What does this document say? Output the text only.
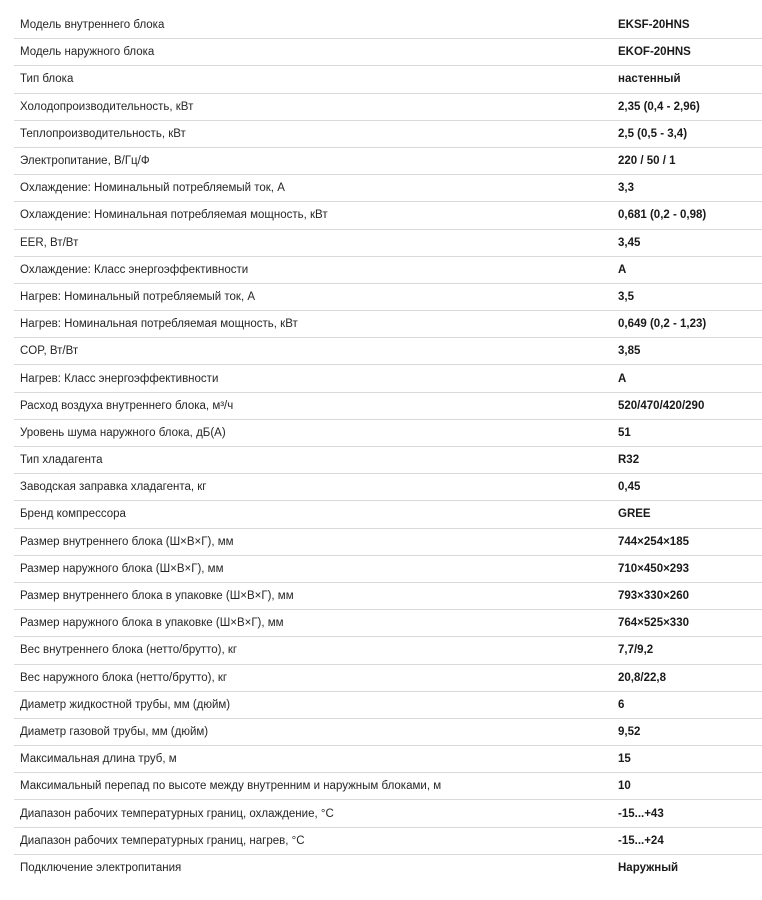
Модель внутреннего блока	EKSF-20HNS
Модель наружного блока	EKOF-20HNS
Тип блока	настенный
Холодопроизводительность, кВт	2,35 (0,4 - 2,96)
Теплопроизводительность, кВт	2,5 (0,5 - 3,4)
Электропитание, В/Гц/Ф	220 / 50 / 1
Охлаждение: Номинальный потребляемый ток, А	3,3
Охлаждение: Номинальная потребляемая мощность, кВт	0,681 (0,2 - 0,98)
EER, Вт/Вт	3,45
Охлаждение: Класс энергоэффективности	A
Нагрев: Номинальный потребляемый ток, А	3,5
Нагрев: Номинальная потребляемая мощность, кВт	0,649 (0,2 - 1,23)
COP, Вт/Вт	3,85
Нагрев: Класс энергоэффективности	A
Расход воздуха внутреннего блока, м³/ч	520/470/420/290
Уровень шума наружного блока, дБ(А)	51
Тип хладагента	R32
Заводская заправка хладагента, кг	0,45
Бренд компрессора	GREE
Размер внутреннего блока (Ш×В×Г), мм	744×254×185
Размер наружного блока (Ш×В×Г), мм	710×450×293
Размер внутреннего блока в упаковке (Ш×В×Г), мм	793×330×260
Размер наружного блока в упаковке (Ш×В×Г), мм	764×525×330
Вес внутреннего блока (нетто/брутто), кг	7,7/9,2
Вес наружного блока (нетто/брутто), кг	20,8/22,8
Диаметр жидкостной трубы, мм (дюйм)	6
Диаметр газовой трубы, мм (дюйм)	9,52
Максимальная длина труб, м	15
Максимальный перепад по высоте между внутренним и наружным блоками, м	10
Диапазон рабочих температурных границ, охлаждение, °С	-15...+43
Диапазон рабочих температурных границ, нагрев, °С	-15...+24
Подключение электропитания	Наружный
